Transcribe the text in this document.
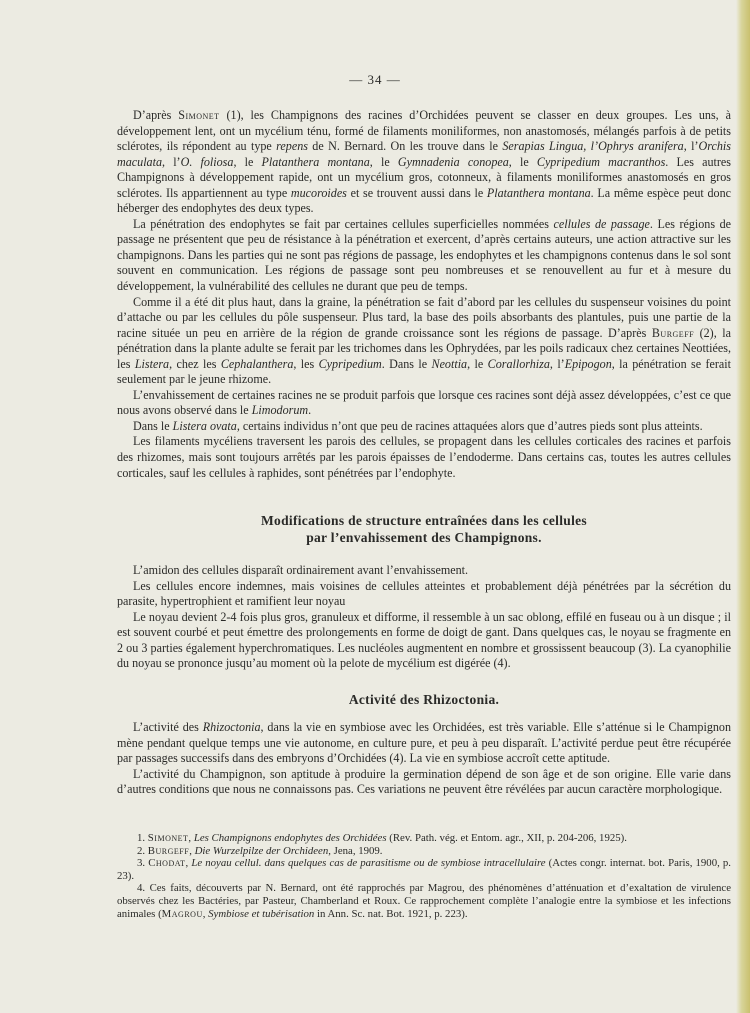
— 34 —

D’après Simonet (1), les Champignons des racines d’Orchidées peuvent se classer en deux groupes. Les uns, à développement lent, ont un mycélium ténu, formé de filaments moniliformes, non anastomosés, mélangés parfois à de petits sclérotes, ils répondent au type repens de N. Bernard. On les trouve dans le Serapias Lingua, l’Ophrys aranifera, l’Orchis maculata, l’O. foliosa, le Platanthera montana, le Gymnadenia conopea, le Cypripedium macranthos. Les autres Champignons à développement rapide, ont un mycélium gros, cotonneux, à filaments moniliformes anastomosés en gros sclérotes. Ils appartiennent au type mucoroides et se trouvent aussi dans le Platanthera montana. La même espèce peut donc héberger des endophytes des deux types.

La pénétration des endophytes se fait par certaines cellules superficielles nommées cellules de passage. Les régions de passage ne présentent que peu de résistance à la pénétration et exercent, d’après certains auteurs, une action attractive sur les champignons. Dans les parties qui ne sont pas régions de passage, les endophytes et les champignons contenus dans le sol sont souvent en communication. Les régions de passage sont peu nombreuses et se renouvellent au fur et à mesure du développement, la vulnérabilité des cellules ne durant que peu de temps.

Comme il a été dit plus haut, dans la graine, la pénétration se fait d’abord par les cellules du suspenseur voisines du point d’attache ou par les cellules du pôle suspenseur. Plus tard, la base des poils absorbants des plantules, puis une partie de la racine située un peu en arrière de la région de grande croissance sont les régions de passage. D’après Burgeff (2), la pénétration dans la plante adulte se ferait par les trichomes dans les Ophrydées, par les poils radicaux chez certaines Neottiées, les Listera, chez les Cephalanthera, les Cypripedium. Dans le Neottia, le Corallorhiza, l’Epipogon, la pénétration se ferait seulement par le jeune rhizome.

L’envahissement de certaines racines ne se produit parfois que lorsque ces racines sont déjà assez développées, c’est ce que nous avons observé dans le Limodorum.

Dans le Listera ovata, certains individus n’ont que peu de racines attaquées alors que d’autres pieds sont plus atteints.

Les filaments mycéliens traversent les parois des cellules, se propagent dans les cellules corticales des racines et parfois des rhizomes, mais sont toujours arrêtés par les parois épaisses de l’endoderme. Dans certains cas, toutes les autres cellules corticales, sauf les cellules à raphides, sont pénétrées par l’endophyte.

Modifications de structure entraînées dans les cellules
par l’envahissement des Champignons.

L’amidon des cellules disparaît ordinairement avant l’envahissement.

Les cellules encore indemnes, mais voisines de cellules atteintes et probablement déjà pénétrées par la sécrétion du parasite, hypertrophient et ramifient leur noyau

Le noyau devient 2-4 fois plus gros, granuleux et difforme, il ressemble à un sac oblong, effilé en fuseau ou à un disque ; il est souvent courbé et peut émettre des prolongements en forme de doigt de gant. Dans quelques cas, le noyau se fragmente en 2 ou 3 parties également hyperchromatiques. Les nucléoles augmentent en nombre et grossissent beaucoup (3). La cyanophilie du noyau se prononce jusqu’au moment où la pelote de mycélium est digérée (4).

Activité des Rhizoctonia.

L’activité des Rhizoctonia, dans la vie en symbiose avec les Orchidées, est très variable. Elle s’atténue si le Champignon mène pendant quelque temps une vie autonome, en culture pure, et peu à peu disparaît. L’activité perdue peut être récupérée par passages successifs dans des embryons d’Orchidées (4). La vie en symbiose accroît cette aptitude.

L’activité du Champignon, son aptitude à produire la germination dépend de son âge et de son origine. Elle varie dans d’autres conditions que nous ne connaissons pas. Ces variations ne peuvent être révélées par aucun caractère morphologique.

1. Simonet, Les Champignons endophytes des Orchidées (Rev. Path. vég. et Entom. agr., XII, p. 204-206, 1925).

2. Burgeff, Die Wurzelpilze der Orchideen, Jena, 1909.

3. Chodat, Le noyau cellul. dans quelques cas de parasitisme ou de symbiose intracellulaire (Actes congr. internat. bot. Paris, 1900, p. 23).

4. Ces faits, découverts par N. Bernard, ont été rapprochés par Magrou, des phénomènes d’atténuation et d’exaltation de virulence observés chez les Bactéries, par Pasteur, Chamberland et Roux. Ce rapprochement complète l’analogie entre la symbiose et les infections animales (Magrou, Symbiose et tubérisation in Ann. Sc. nat. Bot. 1921, p. 223).
